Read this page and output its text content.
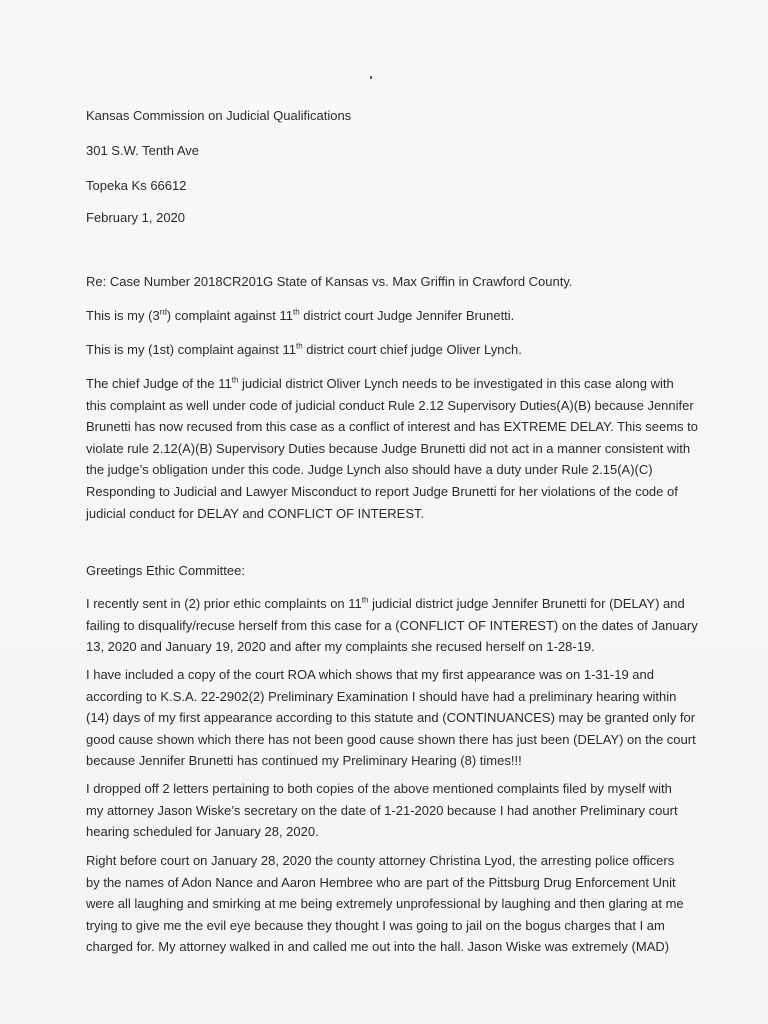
Kansas Commission on Judicial Qualifications
301 S.W. Tenth Ave
Topeka Ks 66612
February 1, 2020
Re: Case Number 2018CR201G State of Kansas vs. Max Griffin in Crawford County.
This is my (3rd) complaint against 11th district court Judge Jennifer Brunetti.
This is my (1st) complaint against 11th district court chief judge Oliver Lynch.
The chief Judge of the 11th judicial district Oliver Lynch needs to be investigated in this case along with
this complaint as well under code of judicial conduct Rule 2.12 Supervisory Duties(A)(B) because Jennifer
Brunetti has now recused from this case as a conflict of interest and has EXTREME DELAY. This seems to
violate rule 2.12(A)(B) Supervisory Duties because Judge Brunetti did not act in a manner consistent with
the judge’s obligation under this code. Judge Lynch also should have a duty under Rule 2.15(A)(C)
Responding to Judicial and Lawyer Misconduct to report Judge Brunetti for her violations of the code of
judicial conduct for DELAY and CONFLICT OF INTEREST.
Greetings Ethic Committee:
I recently sent in (2) prior ethic complaints on 11th judicial district judge Jennifer Brunetti for (DELAY) and
failing to disqualify/recuse herself from this case for a (CONFLICT OF INTEREST) on the dates of January
13, 2020 and January 19, 2020 and after my complaints she recused herself on 1-28-19.
I have included a copy of the court ROA which shows that my first appearance was on 1-31-19 and
according to K.S.A. 22-2902(2) Preliminary Examination I should have had a preliminary hearing within
(14) days of my first appearance according to this statute and (CONTINUANCES) may be granted only for
good cause shown which there has not been good cause shown there has just been (DELAY) on the court
because Jennifer Brunetti has continued my Preliminary Hearing (8) times!!!
I dropped off 2 letters pertaining to both copies of the above mentioned complaints filed by myself with
my attorney Jason Wiske’s secretary on the date of 1-21-2020 because I had another Preliminary court
hearing scheduled for January 28, 2020.
Right before court on January 28, 2020 the county attorney Christina Lyod, the arresting police officers
by the names of Adon Nance and Aaron Hembree who are part of the Pittsburg Drug Enforcement Unit
were all laughing and smirking at me being extremely unprofessional by laughing and then glaring at me
trying to give me the evil eye because they thought I was going to jail on the bogus charges that I am
charged for. My attorney walked in and called me out into the hall. Jason Wiske was extremely (MAD)
